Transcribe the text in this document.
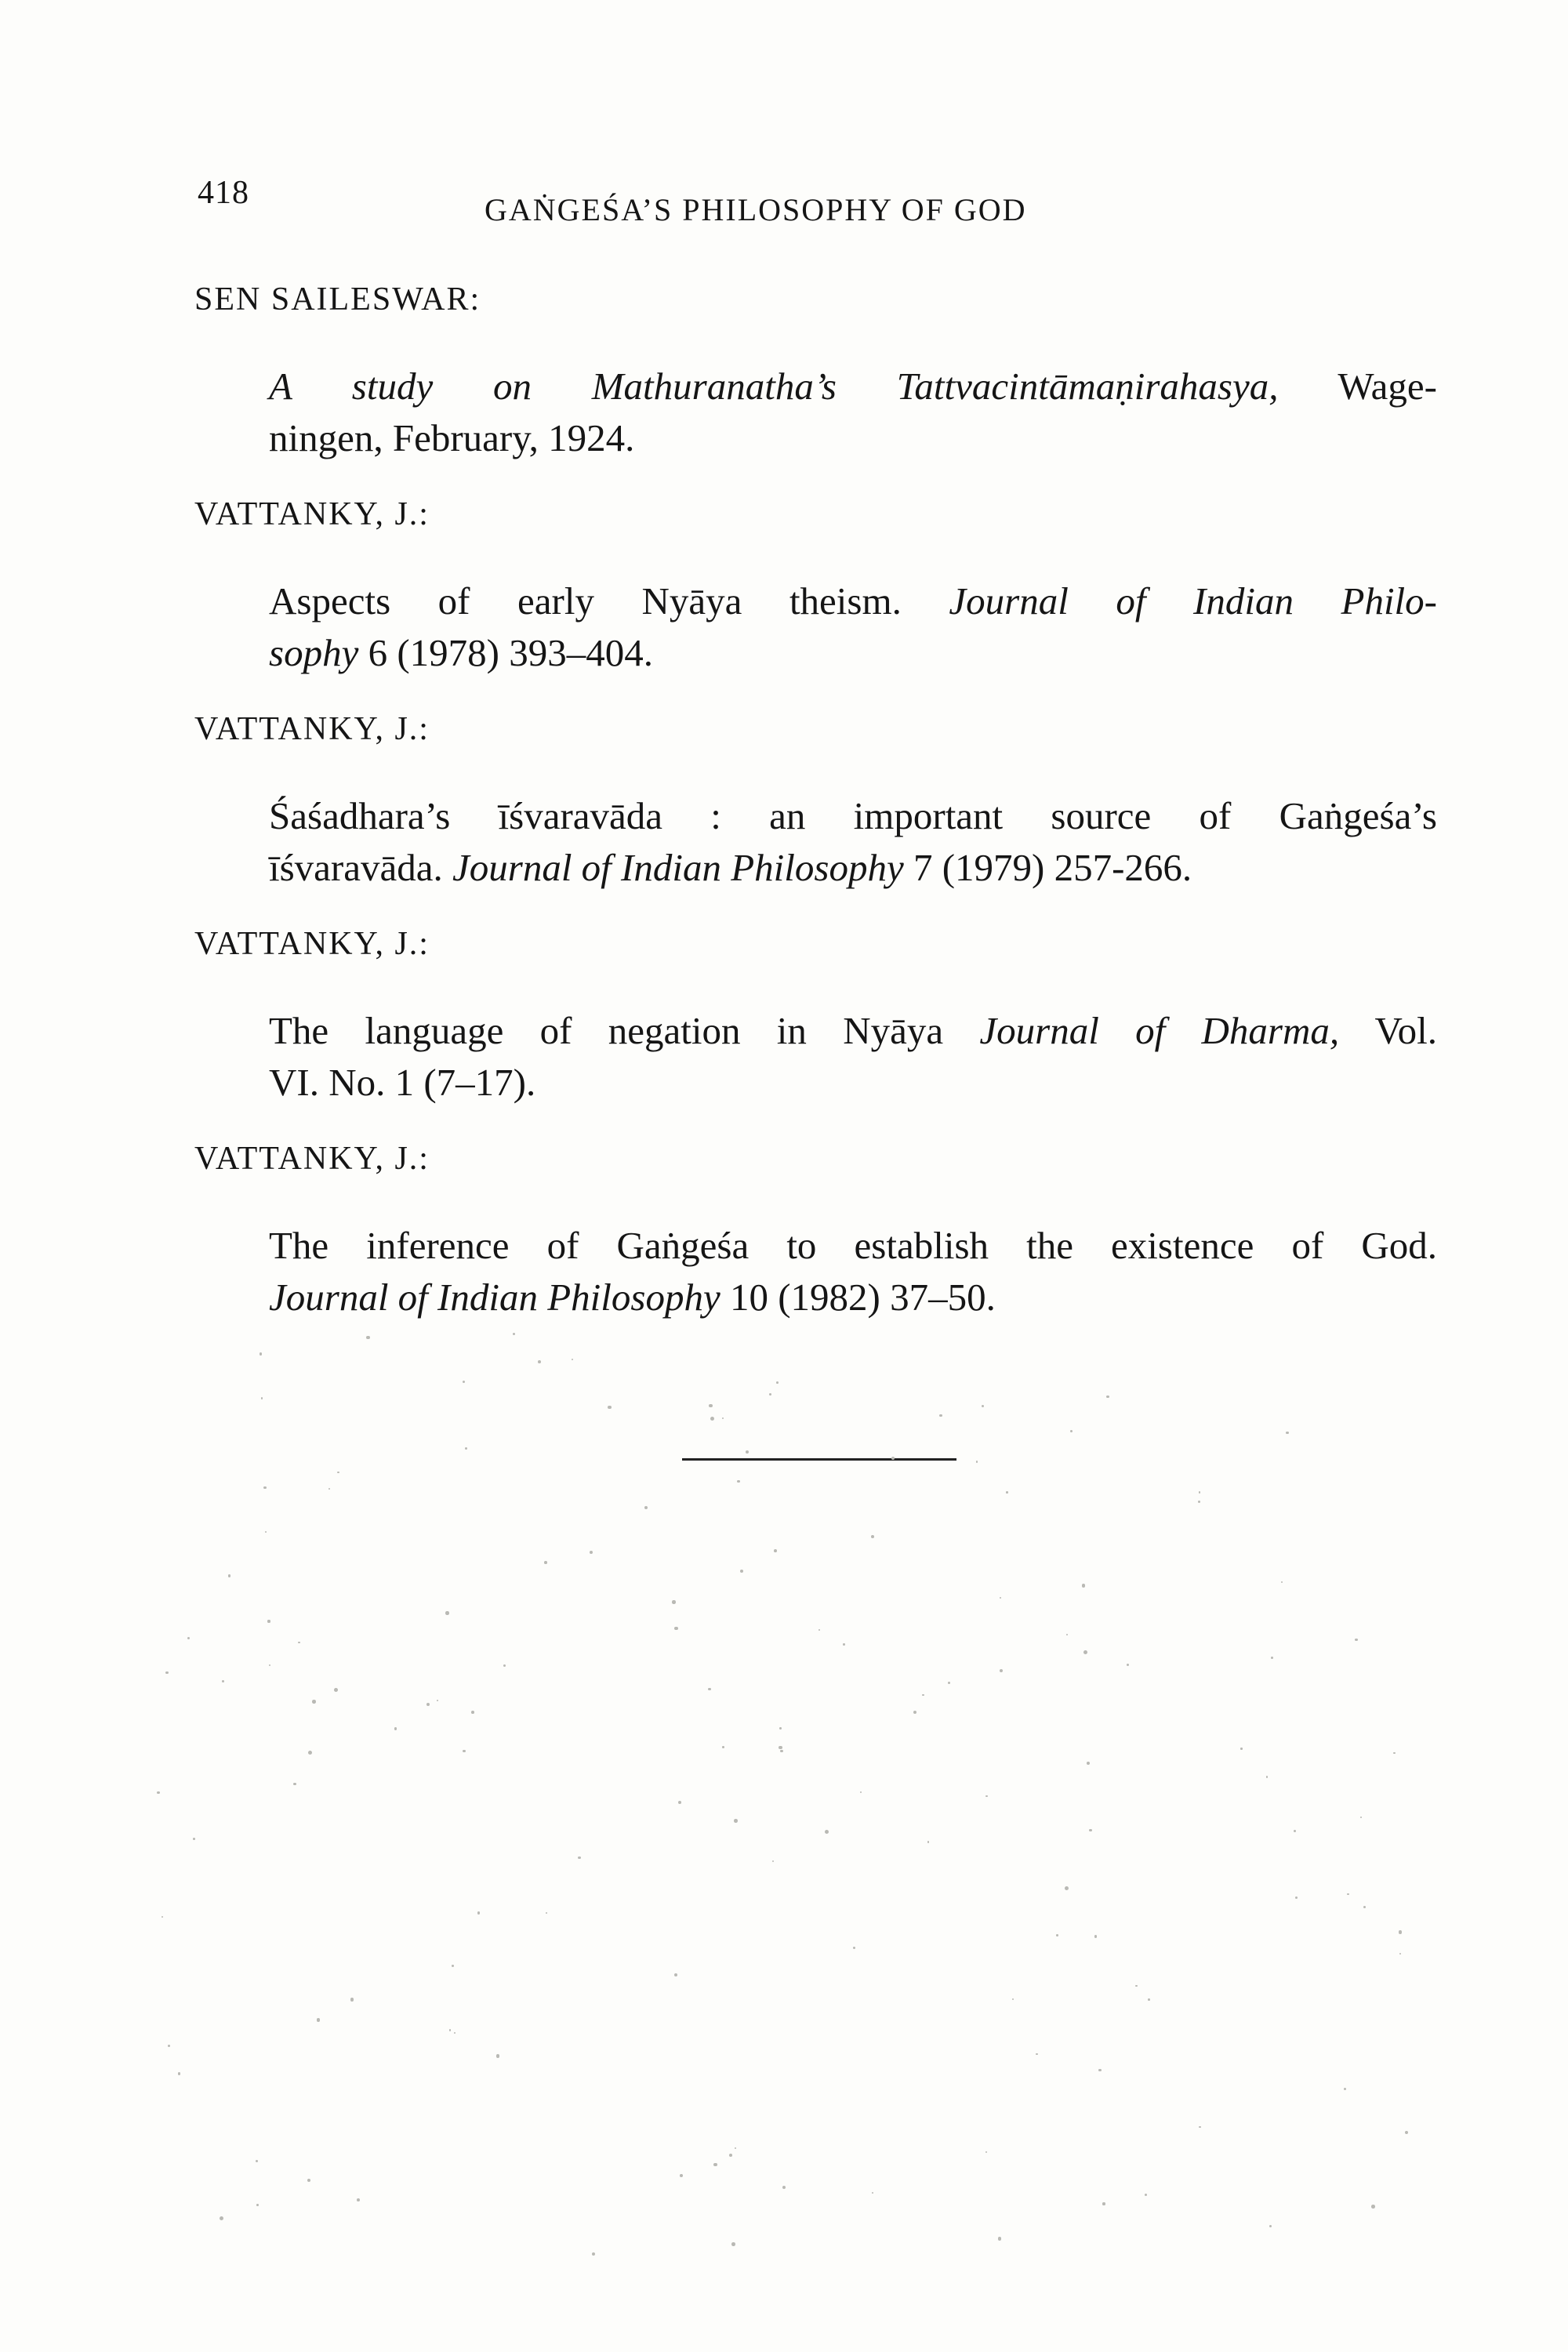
418	GAṄGEŚA’S PHILOSOPHY OF GOD
SEN SAILESWAR:
A study on Mathuranatha’s Tattvacintāmaṇirahasya, Wage-
ningen, February, 1924.
VATTANKY, J.:
Aspects of early Nyāya theism. Journal of Indian Philo-
sophy 6 (1978) 393–404.
VATTANKY, J.:
Śaśadhara’s īśvaravāda : an important source of Gaṅgeśa’s
īśvaravāda. Journal of Indian Philosophy 7 (1979) 257-266.
VATTANKY, J.:
The language of negation in Nyāya Journal of Dharma, Vol.
VI. No. 1 (7–17).
VATTANKY, J.:
The inference of Gaṅgeśa to establish the existence of God.
Journal of Indian Philosophy 10 (1982) 37–50.
